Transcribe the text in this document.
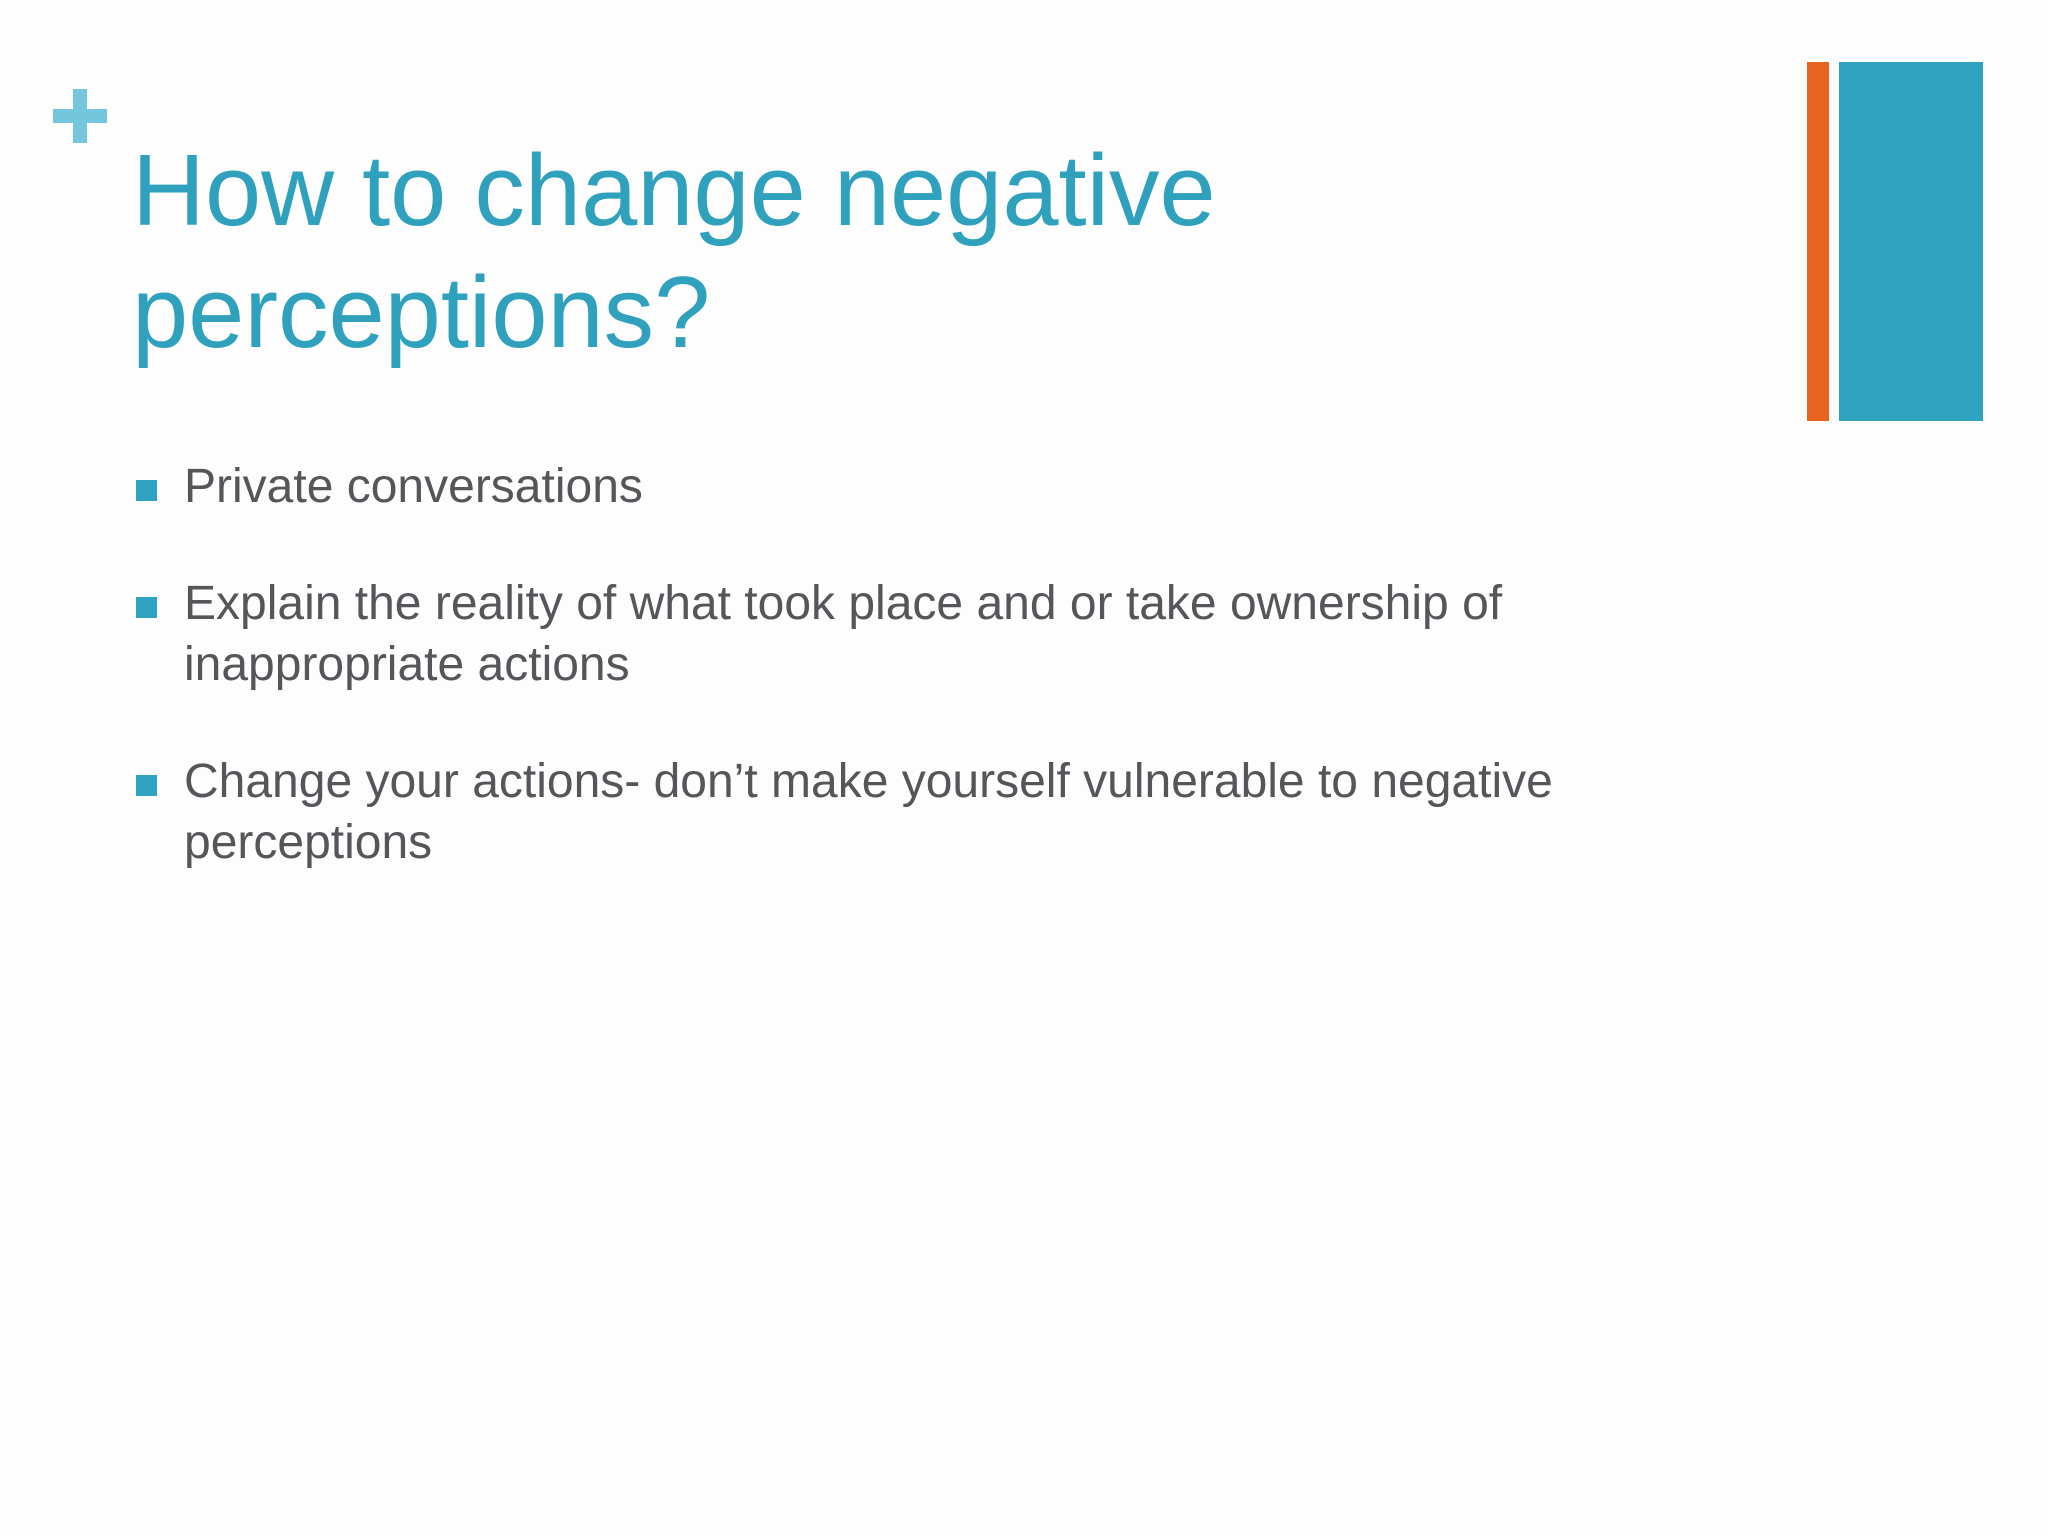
How to change negative
perceptions?
Private conversations
Explain the reality of what took place and or take ownership of inappropriate actions
Change your actions- don’t make yourself vulnerable to negative perceptions
